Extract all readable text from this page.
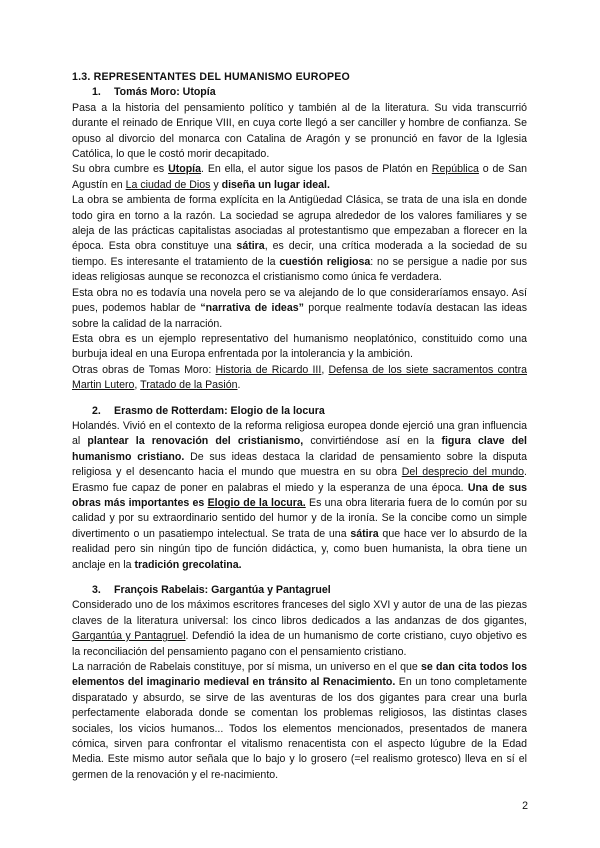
1.3. REPRESENTANTES DEL HUMANISMO EUROPEO
1. Tomás Moro: Utopía

Pasa a la historia del pensamiento político y también al de la literatura. Su vida transcurrió durante el reinado de Enrique VIII, en cuya corte llegó a ser canciller y hombre de confianza. Se opuso al divorcio del monarca con Catalina de Aragón y se pronunció en favor de la Iglesia Católica, lo que le costó morir decapitado.

Su obra cumbre es Utopía. En ella, el autor sigue los pasos de Platón en República o de San Agustín en La ciudad de Dios y diseña un lugar ideal.

La obra se ambienta de forma explícita en la Antigüedad Clásica, se trata de una isla en donde todo gira en torno a la razón. La sociedad se agrupa alrededor de los valores familiares y se aleja de las prácticas capitalistas asociadas al protestantismo que empezaban a florecer en la época. Esta obra constituye una sátira, es decir, una crítica moderada a la sociedad de su tiempo. Es interesante el tratamiento de la cuestión religiosa: no se persigue a nadie por sus ideas religiosas aunque se reconozca el cristianismo como única fe verdadera.

Esta obra no es todavía una novela pero se va alejando de lo que consideraríamos ensayo. Así pues, podemos hablar de “narrativa de ideas” porque realmente todavía destacan las ideas sobre la calidad de la narración.

Esta obra es un ejemplo representativo del humanismo neoplatónico, constituido como una burbuja ideal en una Europa enfrentada por la intolerancia y la ambición.

Otras obras de Tomas Moro: Historia de Ricardo III, Defensa de los siete sacramentos contra Martin Lutero, Tratado de la Pasión.

2. Erasmo de Rotterdam: Elogio de la locura

Holandés. Vivió en el contexto de la reforma religiosa europea donde ejerció una gran influencia al plantear la renovación del cristianismo, convirtiéndose así en la figura clave del humanismo cristiano. De sus ideas destaca la claridad de pensamiento sobre la disputa religiosa y el desencanto hacia el mundo que muestra en su obra Del desprecio del mundo. Erasmo fue capaz de poner en palabras el miedo y la esperanza de una época. Una de sus obras más importantes es Elogio de la locura. Es una obra literaria fuera de lo común por su calidad y por su extraordinario sentido del humor y de la ironía. Se la concibe como un simple divertimento o un pasatiempo intelectual. Se trata de una sátira que hace ver lo absurdo de la realidad pero sin ningún tipo de función didáctica, y, como buen humanista, la obra tiene un anclaje en la tradición grecolatina.

3. François Rabelais: Gargantúa y Pantagruel

Considerado uno de los máximos escritores franceses del siglo XVI y autor de una de las piezas claves de la literatura universal: los cinco libros dedicados a las andanzas de dos gigantes, Gargantúa y Pantagruel. Defendió la idea de un humanismo de corte cristiano, cuyo objetivo es la reconciliación del pensamiento pagano con el pensamiento cristiano.

La narración de Rabelais constituye, por sí misma, un universo en el que se dan cita todos los elementos del imaginario medieval en tránsito al Renacimiento. En un tono completamente disparatado y absurdo, se sirve de las aventuras de los dos gigantes para crear una burla perfectamente elaborada donde se comentan los problemas religiosos, las distintas clases sociales, los vicios humanos... Todos los elementos mencionados, presentados de manera cómica, sirven para confrontar el vitalismo renacentista con el aspecto lúgubre de la Edad Media. Este mismo autor señala que lo bajo y lo grosero (=el realismo grotesco) lleva en sí el germen de la renovación y el re-nacimiento.

2
